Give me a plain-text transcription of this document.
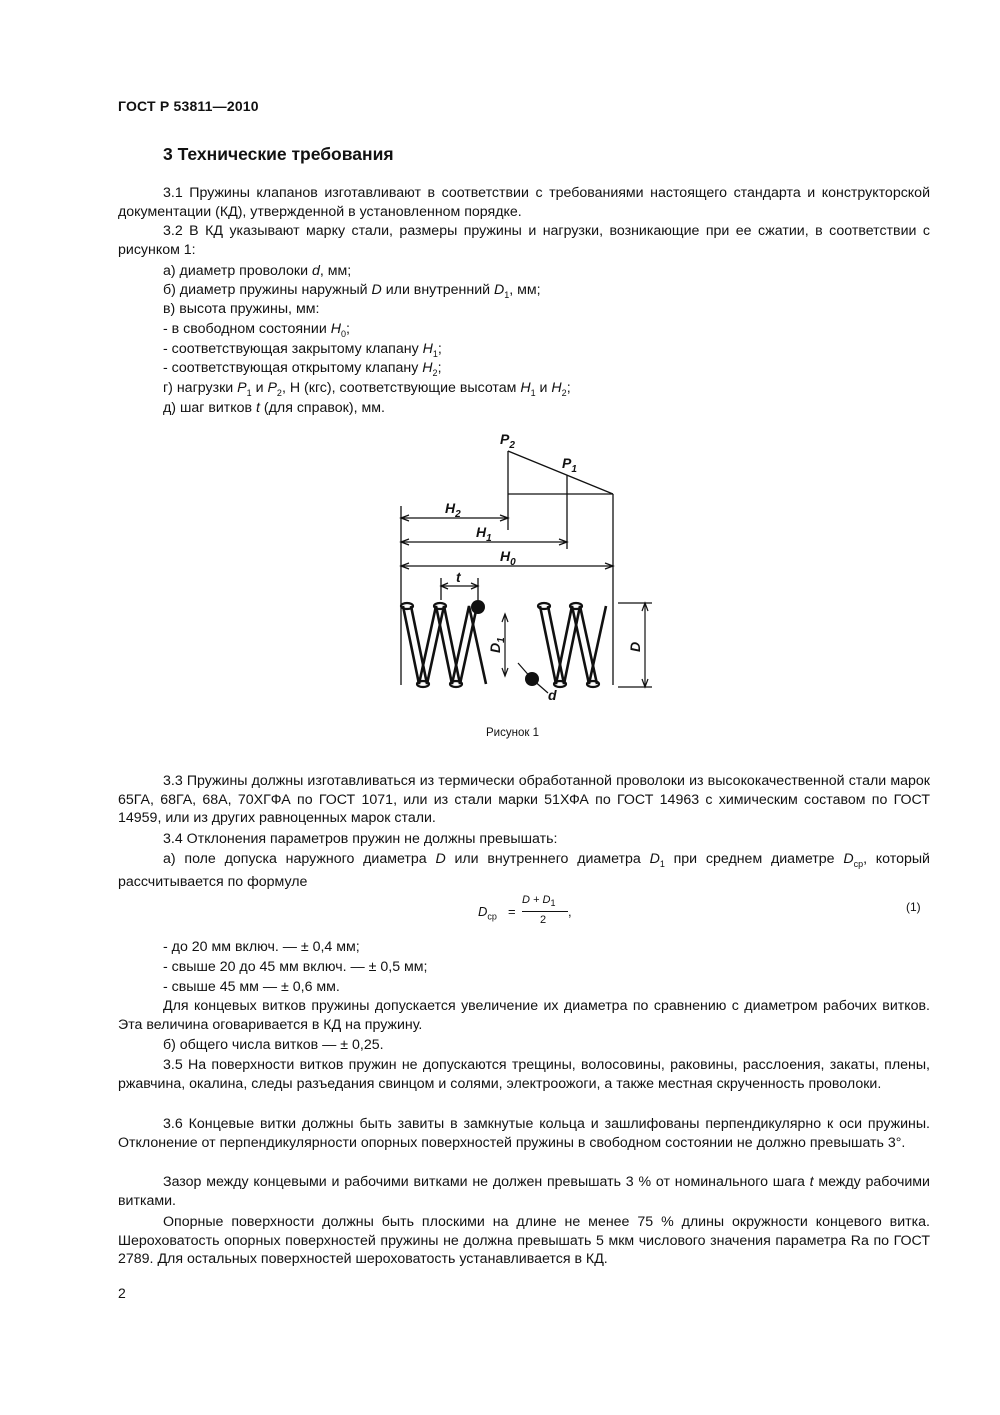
ГОСТ Р 53811—2010
3 Технические требования

3.1 Пружины клапанов изготавливают в соответствии с требованиями настоящего стандарта и конструкторской документации (КД), утвержденной в установленном порядке.

3.2 В КД указывают марку стали, размеры пружины и нагрузки, возникающие при ее сжатии, в соответствии с рисунком 1:

а) диаметр проволоки d, мм;
б) диаметр пружины наружный D или внутренний $D_1$, мм;
в) высота пружины, мм:
- в свободном состоянии $H_0$;
- соответствующая закрытому клапану $H_1$;
- соответствующая открытому клапану $H_2$;
г) нагрузки $P_1$ и $P_2$, Н (кгс), соответствующие высотам $H_1$ и $H_2$;
д) шаг витков t (для справок), мм.
$P_2$
$P_1$
$H_2$
$H_1$
$H_0$
t
d
$D_1$
D
Рисунок 1

3.3 Пружины должны изготавливаться из термически обработанной проволоки из высококачественной стали марок 65ГА, 68ГА, 68А, 70ХГФА по ГОСТ 1071, или из стали марки 51ХФА по ГОСТ 14963 с химическим составом по ГОСТ 14959, или из других равноценных марок стали.

3.4 Отклонения параметров пружин не должны превышать:

а) поле допуска наружного диаметра D или внутреннего диаметра $D_1$ при среднем диаметре $D_{ср}$, который рассчитывается по формуле

$D_{ср}$ =
$D + D_1$
2
,	(1)
- до 20 мм включ. — ± 0,4 мм;
- свыше 20 до 45 мм включ. — ± 0,5 мм;
- свыше 45 мм — ± 0,6 мм.

Для концевых витков пружины допускается увеличение их диаметра по сравнению с диаметром рабочих витков. Эта величина оговаривается в КД на пружину.

б) общего числа витков — ± 0,25.

3.5 На поверхности витков пружин не допускаются трещины, волосовины, раковины, расслоения, закаты, плены, ржавчина, окалина, следы разъедания свинцом и солями, электроожоги, а также местная скрученность проволоки.

3.6 Концевые витки должны быть завиты в замкнутые кольца и зашлифованы перпендикулярно к оси пружины. Отклонение от перпендикулярности опорных поверхностей пружины в свободном состоянии не должно превышать 3°.

Зазор между концевыми и рабочими витками не должен превышать 3 % от номинального шага t между рабочими витками.

Опорные поверхности должны быть плоскими на длине не менее 75 % длины окружности концевого витка. Шероховатость опорных поверхностей пружины не должна превышать 5 мкм числового значения параметра Ra по ГОСТ 2789. Для остальных поверхностей шероховатость устанавливается в КД.

2
